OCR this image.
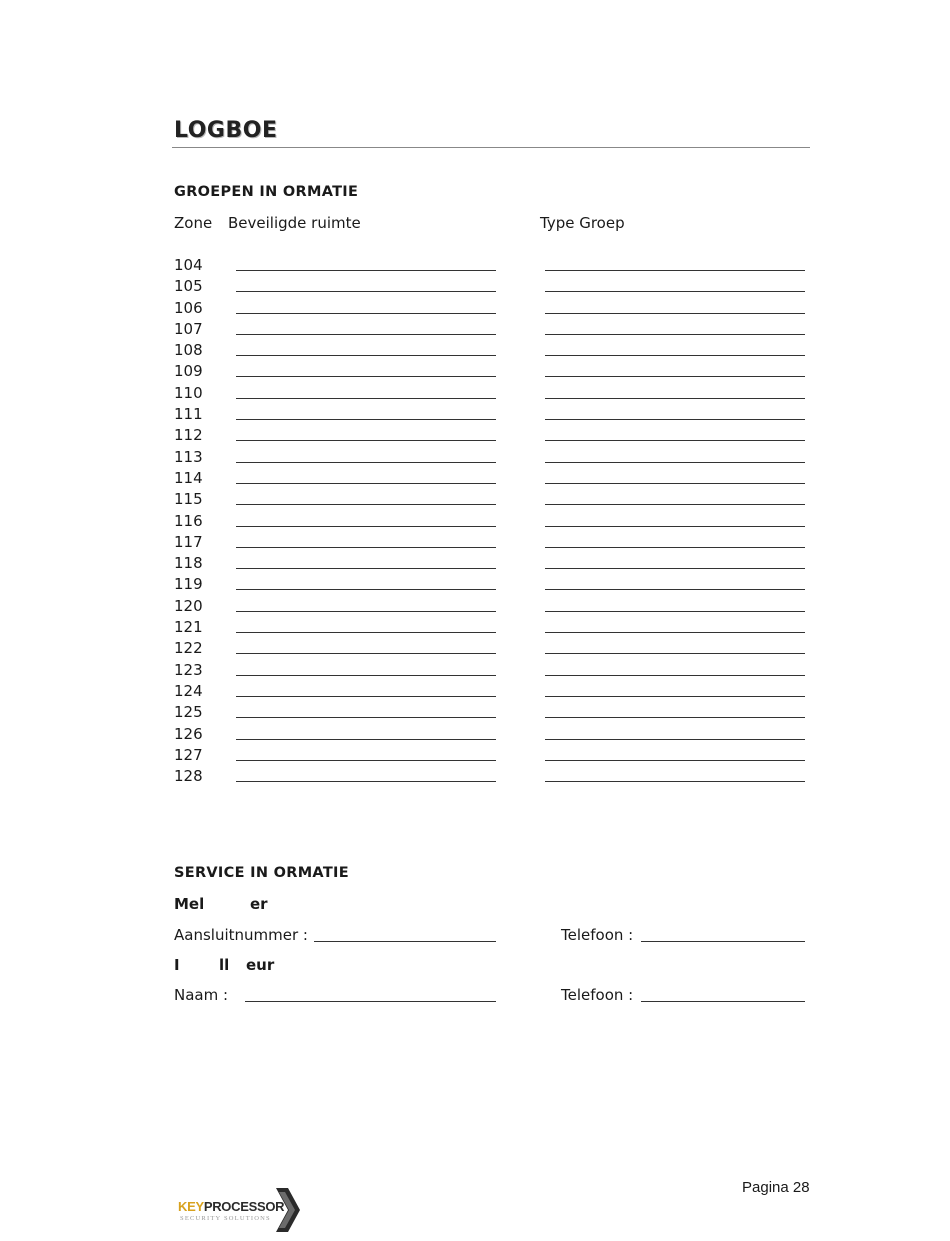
LOGBOE
GROEPEN IN ORMATIE
Zone Beveiligde ruimte	Type Groep
104
105
106
107
108
109
110
111
112
113
114
115
116
117
118
119
120
121
122
123
124
125
126
127
128
SERVICE IN ORMATIE
Mel	er
Aansluitnummer :	Telefoon :
I	ll eur
Naam :	Telefoon :
Pagina 28
KEYPROCESSOR
SECURITY SOLUTIONS
